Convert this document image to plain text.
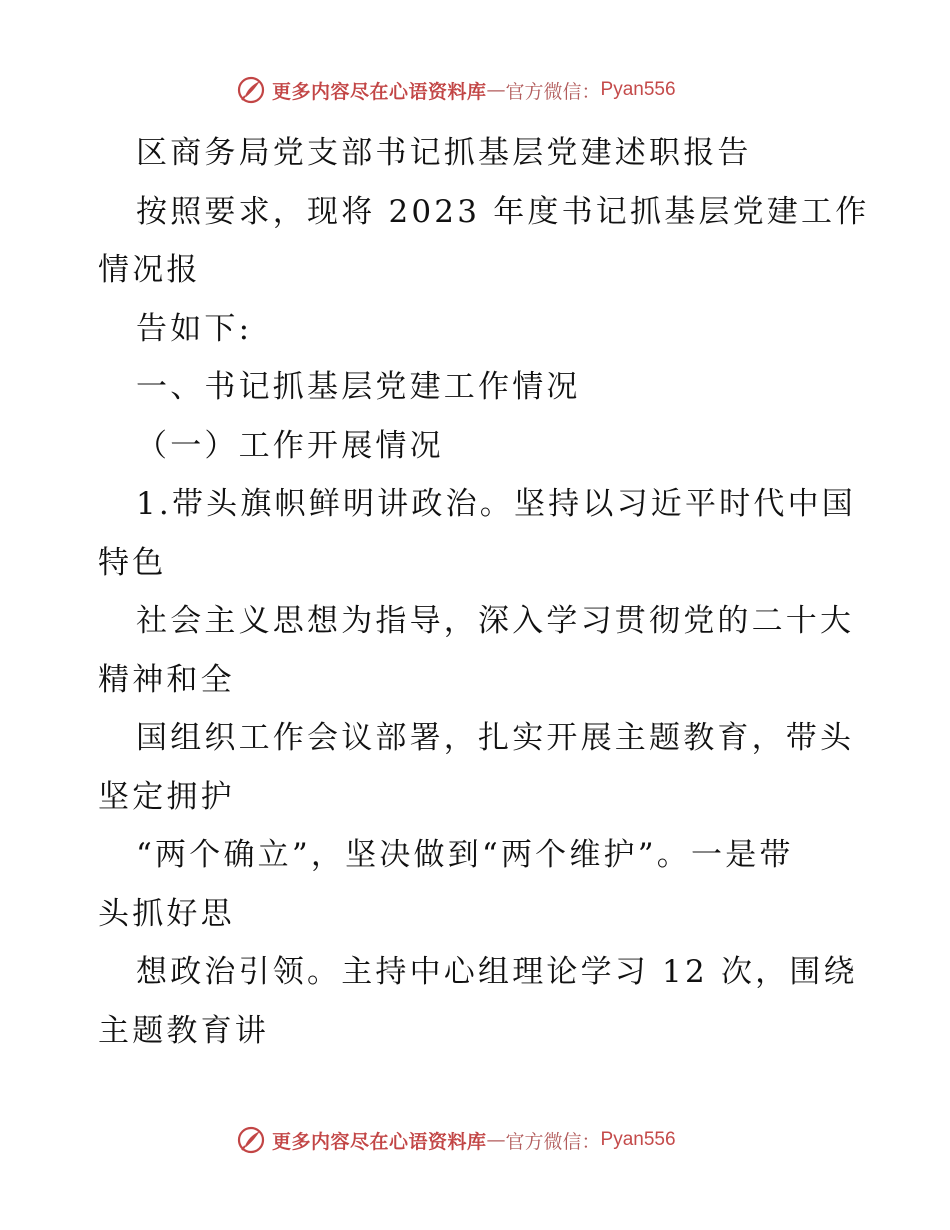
更多内容尽在心语资料库 — 官方微信： Pyan556
区商务局党支部书记抓基层党建述职报告
按照要求，现将 2023 年度书记抓基层党建工作
情况报
告如下:
一、书记抓基层党建工作情况
（一）工作开展情况
1.带头旗帜鲜明讲政治。坚持以习近平时代中国
特色
社会主义思想为指导，深入学习贯彻党的二十大
精神和全
国组织工作会议部署，扎实开展主题教育，带头
坚定拥护
“两个确立”，坚决做到“两个维护”。一是带
头抓好思
想政治引领。主持中心组理论学习 12 次，围绕
主题教育讲
更多内容尽在心语资料库 — 官方微信： Pyan556
